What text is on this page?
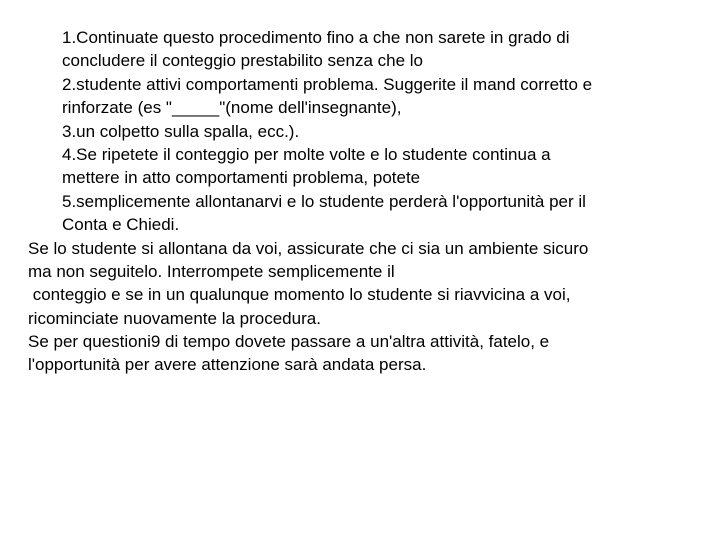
1.Continuate questo procedimento fino a che non sarete in grado di
concludere il conteggio prestabilito senza che lo
2.studente attivi comportamenti problema. Suggerite il mand corretto e
rinforzate (es "_____"(nome dell'insegnante),
3.un colpetto sulla spalla, ecc.).
4.Se ripetete il conteggio per molte volte e lo studente continua a
mettere in atto comportamenti problema, potete
5.semplicemente allontanarvi e lo studente perderà l'opportunità per il
Conta e Chiedi.
Se lo studente si allontana da voi, assicurate che ci sia un ambiente sicuro
ma non seguitelo. Interrompete semplicemente il
conteggio e se in un qualunque momento lo studente si riavvicina a voi,
ricominciate nuovamente la procedura.
Se per questioni9 di tempo dovete passare a un'altra attività, fatelo, e
l'opportunità per avere attenzione sarà andata persa.
